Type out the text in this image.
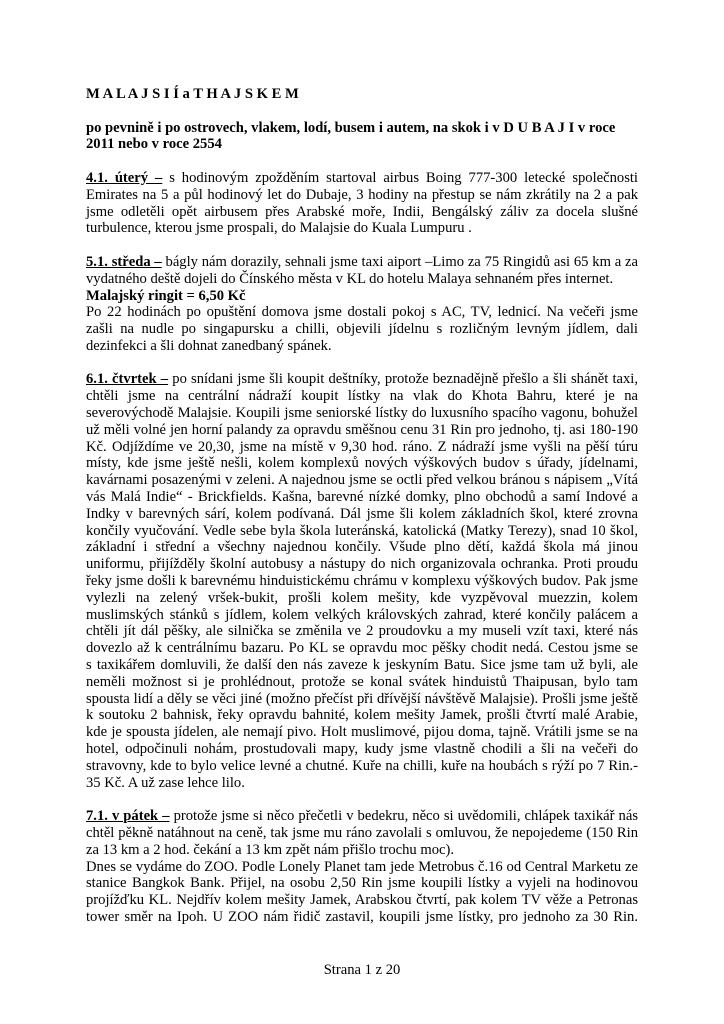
M A L A J S I Í a T H A J S K E M
po pevnině i po ostrovech, vlakem, lodí, busem i autem, na skok i v D U B A J I v roce
2011 nebo v roce 2554
4.1. úterý – s hodinovým zpožděním startoval airbus Boing 777-300 letecké společnosti
Emirates na 5 a půl hodinový let do Dubaje, 3 hodiny na přestup se nám zkrátily na 2 a pak
jsme odletěli opět airbusem přes Arabské moře, Indii, Bengálský záliv za docela slušné
turbulence, kterou jsme prospali, do Malajsie do Kuala Lumpuru .
5.1. středa – bágly nám dorazily, sehnali jsme taxi aiport –Limo za 75 Ringidů asi 65 km a za
vydatného deště dojeli do Čínského města v KL do hotelu Malaya sehnaném přes internet.
Malajský ringit = 6,50 Kč
Po 22 hodinách po opuštění domova jsme dostali pokoj s AC, TV, lednicí. Na večeři jsme
zašli na nudle po singapursku a chilli, objevili jídelnu s rozličným levným jídlem, dali
dezinfekci a šli dohnat zanedbaný spánek.
6.1. čtvrtek – po snídani jsme šli koupit deštníky, protože beznadějně přešlo a šli shánět taxi,
chtěli jsme na centrální nádraží koupit lístky na vlak do Khota Bahru, které je na
severovýchodě Malajsie. Koupili jsme seniorské lístky do luxusního spacího vagonu, bohužel
už měli volné jen horní palandy za opravdu směšnou cenu 31 Rin pro jednoho, tj. asi 180-190
Kč. Odjíždíme ve 20,30, jsme na místě v 9,30 hod. ráno. Z nádraží jsme vyšli na pěší túru
místy, kde jsme ještě nešli, kolem komplexů nových výškových budov s úřady, jídelnami,
kavárnami posazenými v zeleni. A najednou jsme se octli před velkou bránou s nápisem „Vítá
vás Malá Indie“ - Brickfields. Kašna, barevné nízké domky, plno obchodů a samí Indové a
Indky v barevných sárí, kolem podívaná. Dál jsme šli kolem základních škol, které zrovna
končily vyučování. Vedle sebe byla škola luteránská, katolická (Matky Terezy), snad 10 škol,
základní i střední a všechny najednou končily. Všude plno dětí, každá škola má jinou
uniformu, přijížděly školní autobusy a nástupy do nich organizovala ochranka. Proti proudu
řeky jsme došli k barevnému hinduistickému chrámu v komplexu výškových budov. Pak jsme
vylezli na zelený vršek-bukit, prošli kolem mešity, kde vyzpěvoval muezzin, kolem
muslimských stánků s jídlem, kolem velkých královských zahrad, které končily palácem a
chtěli jít dál pěšky, ale silnička se změnila ve 2 proudovku a my museli vzít taxi, které nás
dovezlo až k centrálnímu bazaru. Po KL se opravdu moc pěšky chodit nedá. Cestou jsme se
s taxikářem domluvili, že další den nás zaveze k jeskyním Batu. Sice jsme tam už byli, ale
neměli možnost si je prohlédnout, protože se konal svátek hinduistů Thaipusan, bylo tam
spousta lidí a děly se věci jiné (možno přečíst při dřívější návštěvě Malajsie). Prošli jsme ještě
k soutoku 2 bahnisk, řeky opravdu bahnité, kolem mešity Jamek, prošli čtvrtí malé Arabie,
kde je spousta jídelen, ale nemají pivo. Holt muslimové, pijou doma, tajně. Vrátili jsme se na
hotel, odpočinuli nohám, prostudovali mapy, kudy jsme vlastně chodili a šli na večeři do
stravovny, kde to bylo velice levné a chutné. Kuře na chilli, kuře na houbách s rýží po 7 Rin.-
35 Kč. A už zase lehce lilo.
7.1. v pátek – protože jsme si něco přečetli v bedekru, něco si uvědomili, chlápek taxikář nás
chtěl pěkně natáhnout na ceně, tak jsme mu ráno zavolali s omluvou, že nepojedeme (150 Rin
za 13 km a 2 hod. čekání a 13 km zpět nám přišlo trochu moc).
Dnes se vydáme do ZOO. Podle Lonely Planet tam jede Metrobus č.16 od Central Marketu ze
stanice Bangkok Bank. Přijel, na osobu 2,50 Rin jsme koupili lístky a vyjeli na hodinovou
projížďku KL. Nejdřív kolem mešity Jamek, Arabskou čtvrtí, pak kolem TV věže a Petronas
tower směr na Ipoh. U ZOO nám řidič zastavil, koupili jsme lístky, pro jednoho za 30 Rin.
Strana 1 z 20
